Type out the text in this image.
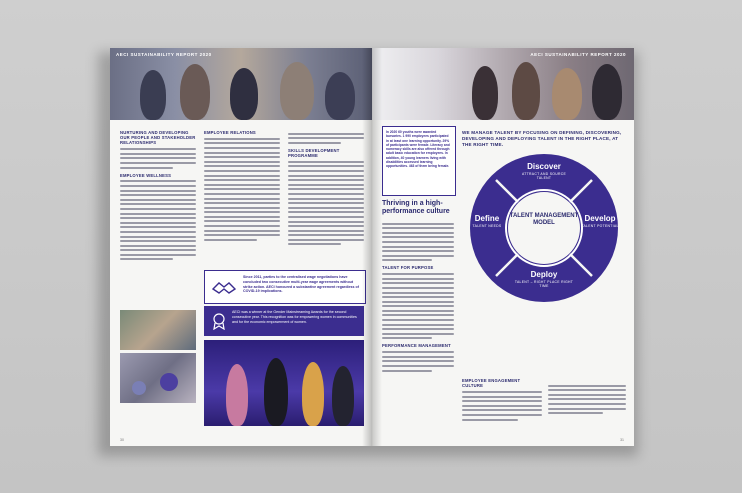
AECI SUSTAINABILITY REPORT 2020
NURTURING AND DEVELOPING OUR PEOPLE AND STAKEHOLDER RELATIONSHIPS
EMPLOYEE WELLNESS
EMPLOYEE RELATIONS
SKILLS DEVELOPMENT PROGRAMME
Since 2011, parties to the centralised wage negotiations have concluded two consecutive multi-year wage agreements without strike action. AECI honoured a substantive agreement regardless of COVID-19 implications.
AECI was a winner at the Gender Mainstreaming Awards for the second consecutive year. This recognition was for empowering women in communities and for the economic empowerment of women.
30
AECI SUSTAINABILITY REPORT 2020
In 2020 60 youths were awarded bursaries. 1 990 employees participated in at least one learning opportunity. 29% of participants were female. Literacy and numeracy skills are also offered through adult basic education for employees. In addition, 40 young learners living with disabilities accessed learning opportunities. 463 of them being female.
Thriving in a high-performance culture
TALENT FOR PURPOSE
PERFORMANCE MANAGEMENT
WE MANAGE TALENT BY FOCUSING ON DEFINING, DISCOVERING, DEVELOPING AND DEPLOYING TALENT IN THE RIGHT PLACE, AT THE RIGHT TIME.
TALENT MANAGEMENT MODEL
Discover
ATTRACT AND SOURCE TALENT
Develop
TALENT POTENTIAL
Deploy
TALENT – RIGHT PLACE RIGHT TIME
Define
TALENT NEEDS
EMPLOYEE ENGAGEMENT CULTURE
31
